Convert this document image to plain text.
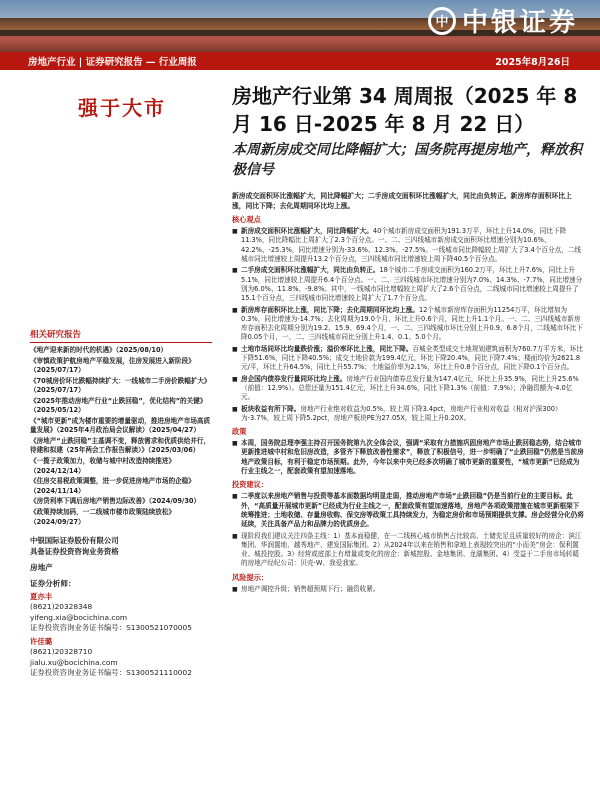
中 中银证券
房地产行业 | 证券研究报告 — 行业周报	2025年8月26日
强于大市	房地产行业第 34 周周报（2025 年 8 月 16 日-2025 年 8 月 22 日）
本周新房成交同比降幅扩大；国务院再提房地产，释放积极信号
新房成交面积环比涨幅扩大，同比降幅扩大；二手房成交面积环比涨幅扩大，同比由负转正。新房库存面积环比上涨，同比下降；去化周期同环比均上涨。
核心观点
■ 新房成交面积环比涨幅扩大，同比降幅扩大。40个城市新房成交面积为191.3万平，环比上升14.0%，同比下降11.3%，同比降幅比上周扩大了2.3个百分点。一、二、三四线城市新房成交面积环比增速分别为10.6%、42.2%、-25.3%，同比增速分别为-33.6%、12.3%、-27.5%。一线城市同比降幅较上周扩大了3.4个百分点，二线城市同比增速较上周提升13.2个百分点，三四线城市同比增速较上周下降40.5个百分点。
■ 二手房成交面积环比涨幅扩大，同比由负转正。18个城市二手房成交面积为160.2万平，环比上升7.6%，同比上升5.1%，同比增速较上周提升6.4个百分点。一、二、三四线城市环比增速分别为7.0%、14.3%、-7.7%，同比增速分别为6.0%、11.8%、-9.8%。其中，一线城市同比增幅较上周扩大了2.6个百分点，二线城市同比增速较上周提升了15.1个百分点，三四线城市同比增速较上周扩大了1.7个百分点。
■ 新房库存面积环比上涨，同比下降；去化周期同环比均上涨。12个城市新房库存面积为11254万平，环比增加为0.3%，同比增速为-14.7%；去化周期为19.0个月，环比上升0.6个月，同比上升1.1个月。一、二、三四线城市新房库存面积去化周期分别为19.2、15.9、69.4个月，一、二、三四线城市环比分别上升0.9、6.8个月，二线城市环比下降0.05个月，一、二、三四线城市同比分别上升1.4、0.1、5.0个月。
■ 土地市场同环比均量跌价涨；溢价率环比上涨，同比下降。百城全类型成交土地规划建筑面积为760.7万平方米，环比下降51.6%，同比下降40.5%；成交土地价款为199.4亿元，环比下降20.4%，同比下降7.4%；楼面均价为2621.8元/平，环比上升64.5%，同比上升55.7%；土地溢价率为2.1%，环比上升0.8个百分点，同比下降0.1个百分点。
■ 房企国内债券发行量同环比均上涨。房地产行业国内债券总发行量为147.4亿元，环比上升35.9%，同比上升25.6%（前值：12.9%）。总偿还量为151.4亿元，环比上升34.6%，同比下降1.3%（前值：7.9%）；净融资额为-4.0亿元。
■ 板块收益有所下降。房地产行业绝对收益为0.5%，较上周下降3.4pct，房地产行业相对收益（相对沪深300）为-3.7%，较上周下降5.2pct，房地产板块PE为27.05X，较上周上升0.20X。
政策
■ 本周，国务院总理李强主持召开国务院第九次全体会议，强调“采取有力措施巩固房地产市场止跌回稳态势，结合城市更新推进城中村和危旧房改造，多管齐下释放改善性需求”，释放了积极信号，进一步明确了“止跌回稳”仍然是当前房地产政策目标，有利于稳定市场预期。此外，今年以来中央已经多次明确了城市更新的重要性，“城市更新”已经成为行业主线之一，配套政策有望加速落地。
投资建议：
■ 二季度以来房地产销售与投资等基本面数据均明显走弱，推动房地产市场“止跌回稳”仍是当前行业的主要目标。此外，“高质量开展城市更新”已经成为行业主线之一，配套政策有望加速落地，房地产各项政策措施在城市更新框架下统筹推进；土地收储、存量房收购、保交房等政策工具持续发力，为稳定房价和市场预期提供支撑。房企经营分化仍将延续，关注具备产品力和品牌力的优质房企。
■ 现阶段我们建议关注四条主线：1）基本面稳健，在一二线核心城市销售占比较高、土储充足且质量较好的房企：滨江集团、华润置地、越秀地产、建发国际集团。2）从2024年以来在销售和拿地上表现较突出的“小而美”房企：保利置业、城投控股。3）经营或底部上有增量或变化的房企：新城控股、金地集团、龙湖集团。4）受益于二手房市场转暖的房地产经纪公司：贝壳-W、我爱我家。
风险提示：
■ 房地产调控升级；销售超预期下行；融资收紧。
相关研究报告
《地产迎来新的时代的机遇》（2025/08/10）
《审慎政策护航房地产平稳发展，住房发展进入新阶段》（2025/07/17）
《70城房价环比跌幅持续扩大：一线城市二手房价跌幅扩大》（2025/07/17）
《2025年推动房地产行业“止跌回稳”，优化结构”的关键》（2025/05/12）
《“城市更新”成为楼市重要的增量驱动，推进房地产市场高质量发展》（2025年4月政治局会议解读）（2025/04/27）
《房地产“止跌回稳”主基调不变，释放需求和优质供给并行，待建和拟建（25年两会工作报告解读）》（2025/03/06）
《一揽子政策加力，收储与城中村改造持续推进》（2024/12/14）
《住房交易税政策调整，进一步促进房地产市场的企稳》（2024/11/14）
《房贷利率下调后房地产销售边际改善》（2024/09/30）
《政策持续加码，一二线城市楼市政策陆续放松》（2024/09/27）
中银国际证券股份有限公司
具备证券投资咨询业务资格
房地产
证券分析师：
夏亦丰
(8621)20328348
yifeng.xia@bocichina.com
证券投资咨询业务证书编号：S1300521070005
许佳璐
(8621)20328710
jialu.xu@bocichina.com
证券投资咨询业务证书编号：S1300521110002
